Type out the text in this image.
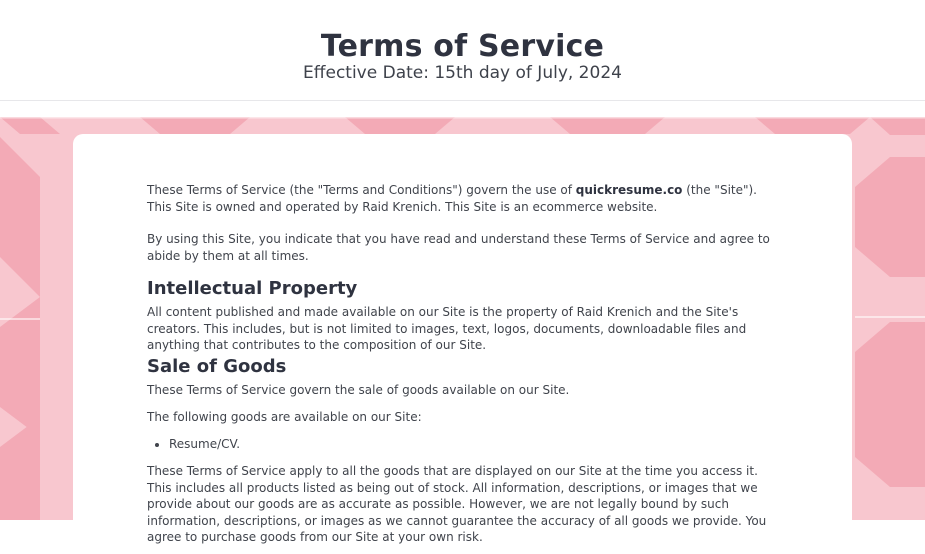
Terms of Service
Effective Date: 15th day of July, 2024

These Terms of Service (the "Terms and Conditions") govern the use of quickresume.co (the "Site"). This Site is owned and operated by Raid Krenich. This Site is an ecommerce website.

By using this Site, you indicate that you have read and understand these Terms of Service and agree to abide by them at all times.

Intellectual Property

All content published and made available on our Site is the property of Raid Krenich and the Site's creators. This includes, but is not limited to images, text, logos, documents, downloadable files and anything that contributes to the composition of our Site.

Sale of Goods

These Terms of Service govern the sale of goods available on our Site.

The following goods are available on our Site:

• Resume/CV.

These Terms of Service apply to all the goods that are displayed on our Site at the time you access it. This includes all products listed as being out of stock. All information, descriptions, or images that we provide about our goods are as accurate as possible. However, we are not legally bound by such information, descriptions, or images as we cannot guarantee the accuracy of all goods we provide. You agree to purchase goods from our Site at your own risk.
